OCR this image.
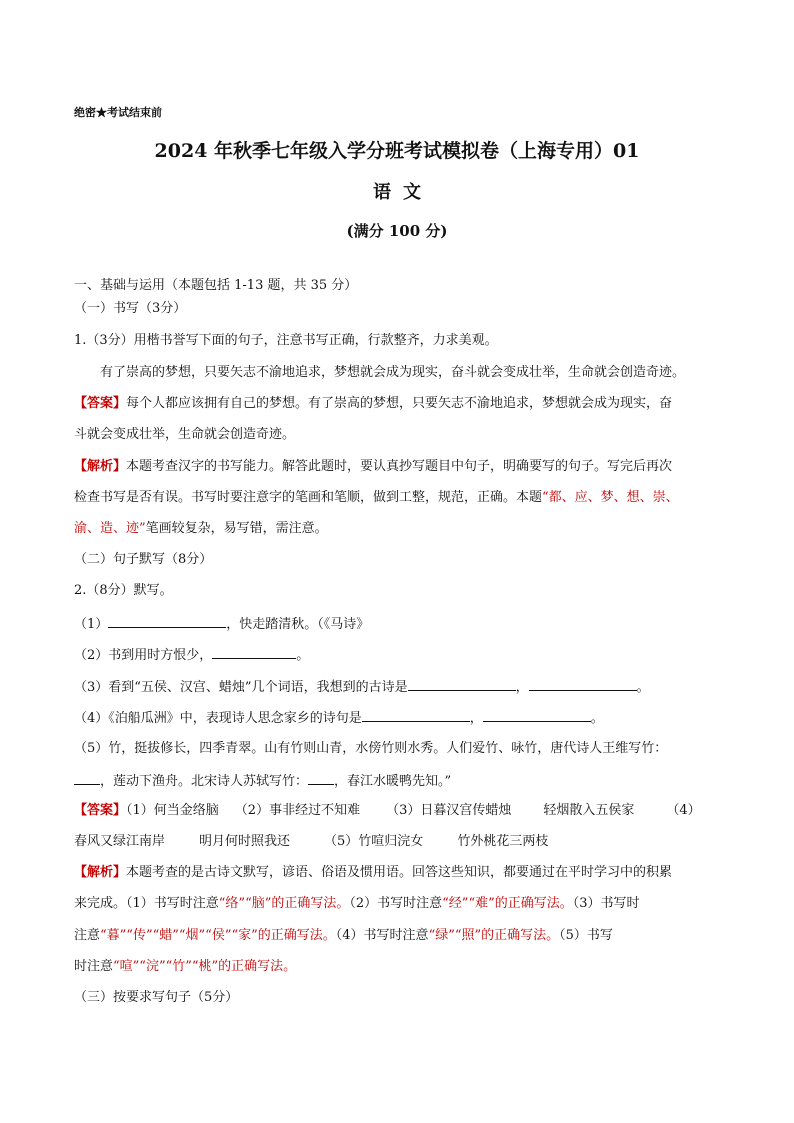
绝密★考试结束前
2024 年秋季七年级入学分班考试模拟卷（上海专用）01
语文
(满分 100 分)
一、基础与运用（本题包括 1-13 题，共 35 分）
（一）书写（3分）
1.（3分）用楷书誉写下面的句子，注意书写正确，行款整齐，力求美观。
有了崇高的梦想，只要矢志不渝地追求，梦想就会成为现实，奋斗就会变成壮举，生命就会创造奇迹。
【答案】每个人都应该拥有自己的梦想。有了崇高的梦想，只要矢志不渝地追求，梦想就会成为现实，奋
斗就会变成壮举，生命就会创造奇迹。
【解析】本题考查汉字的书写能力。解答此题时，要认真抄写题目中句子，明确要写的句子。写完后再次
检查书写是否有误。书写时要注意字的笔画和笔顺，做到工整，规范，正确。本题“都、应、梦、想、崇、
渝、造、迹”笔画较复杂，易写错，需注意。
（二）句子默写（8分）
2.（8分）默写。
（1）	，快走踏清秋。（《马诗》
（2）书到用时方恨少，	。
（3）看到“五侯、汉宫、蜡烛”几个词语，我想到的古诗是	，	。
（4）《泊船瓜洲》中，表现诗人思念家乡的诗句是	，	。
（5）竹，挺拔修长，四季青翠。山有竹则山青，水傍竹则水秀。人们爱竹、咏竹，唐代诗人王维写竹：
，莲动下渔舟。北宋诗人苏轼写竹： ，春江水暖鸭先知。”
【答案】（1）何当金络脑 （2）事非经过不知难 （3）日暮汉宫传蜡烛 轻烟散入五侯家 （4）
春风又绿江南岸	明月何时照我还	（5）竹喧归浣女	竹外桃花三两枝
【解析】本题考查的是古诗文默写，谚语、俗语及惯用语。回答这些知识，都要通过在平时学习中的积累
来完成。（1）书写时注意“络”“脑”的正确写法。（2）书写时注意“经”“难”的正确写法。（3）书写时
注意“暮”“传”“蜡”“烟”“侯”“家”的正确写法。（4）书写时注意“绿”“照”的正确写法。（5）书写
时注意“喧”“浣”“竹”“桃”的正确写法。
（三）按要求写句子（5分）
